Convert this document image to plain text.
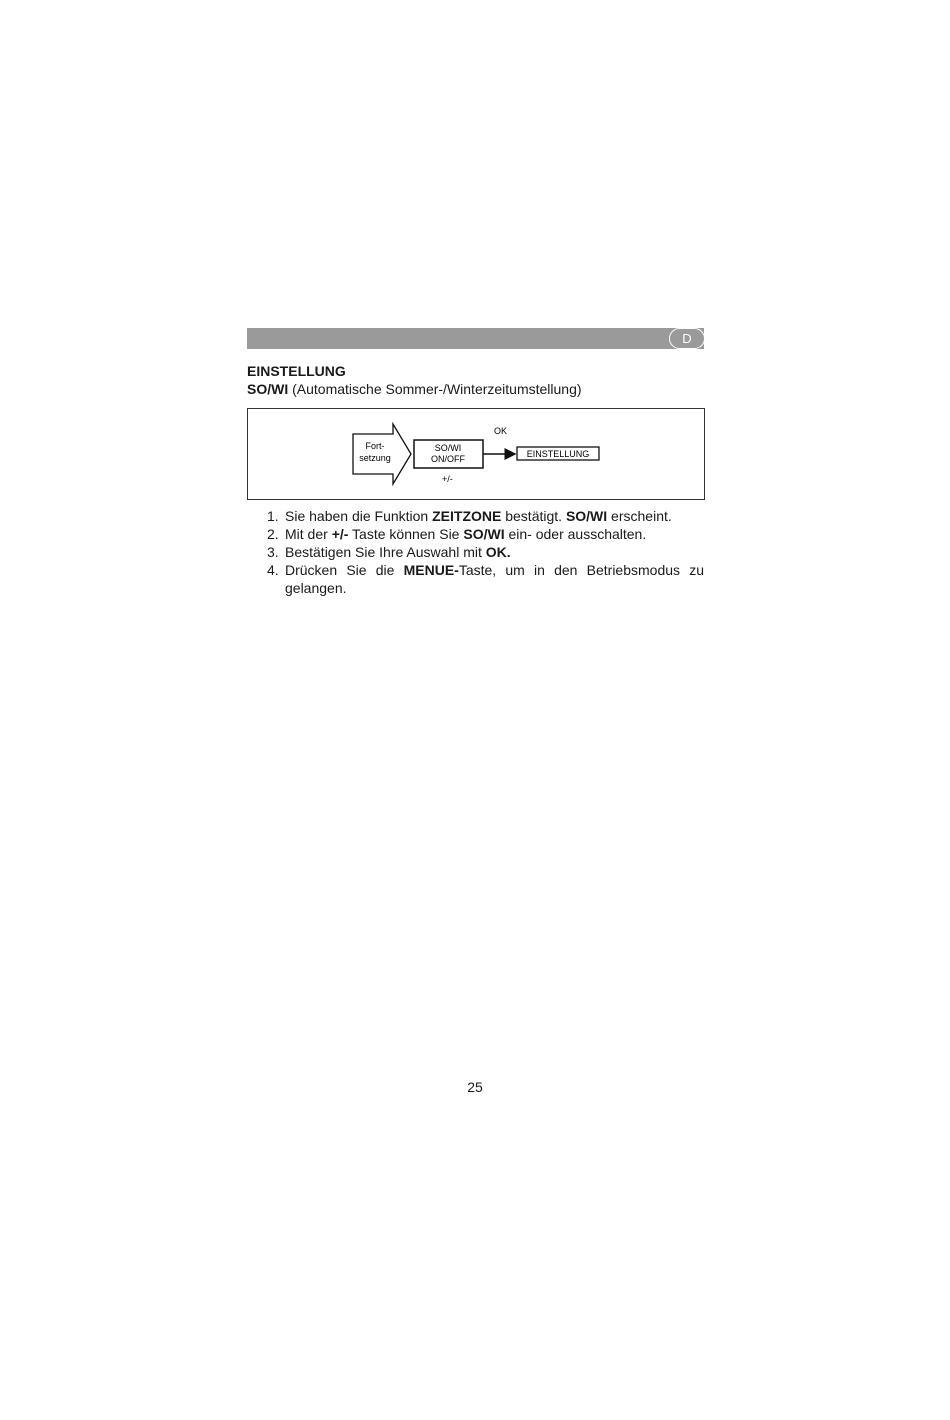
D
EINSTELLUNG
SO/WI (Automatische Sommer-/Winterzeitumstellung)
Fort-
setzung
SO/WI
ON/OFF
OK
+/-
EINSTELLUNG
1. Sie haben die Funktion ZEITZONE bestätigt. SO/WI erscheint.
2. Mit der +/- Taste können Sie SO/WI ein- oder ausschalten.
3. Bestätigen Sie Ihre Auswahl mit OK.
4. Drücken Sie die MENUE-Taste, um in den Betriebsmodus zu gelangen.
25
